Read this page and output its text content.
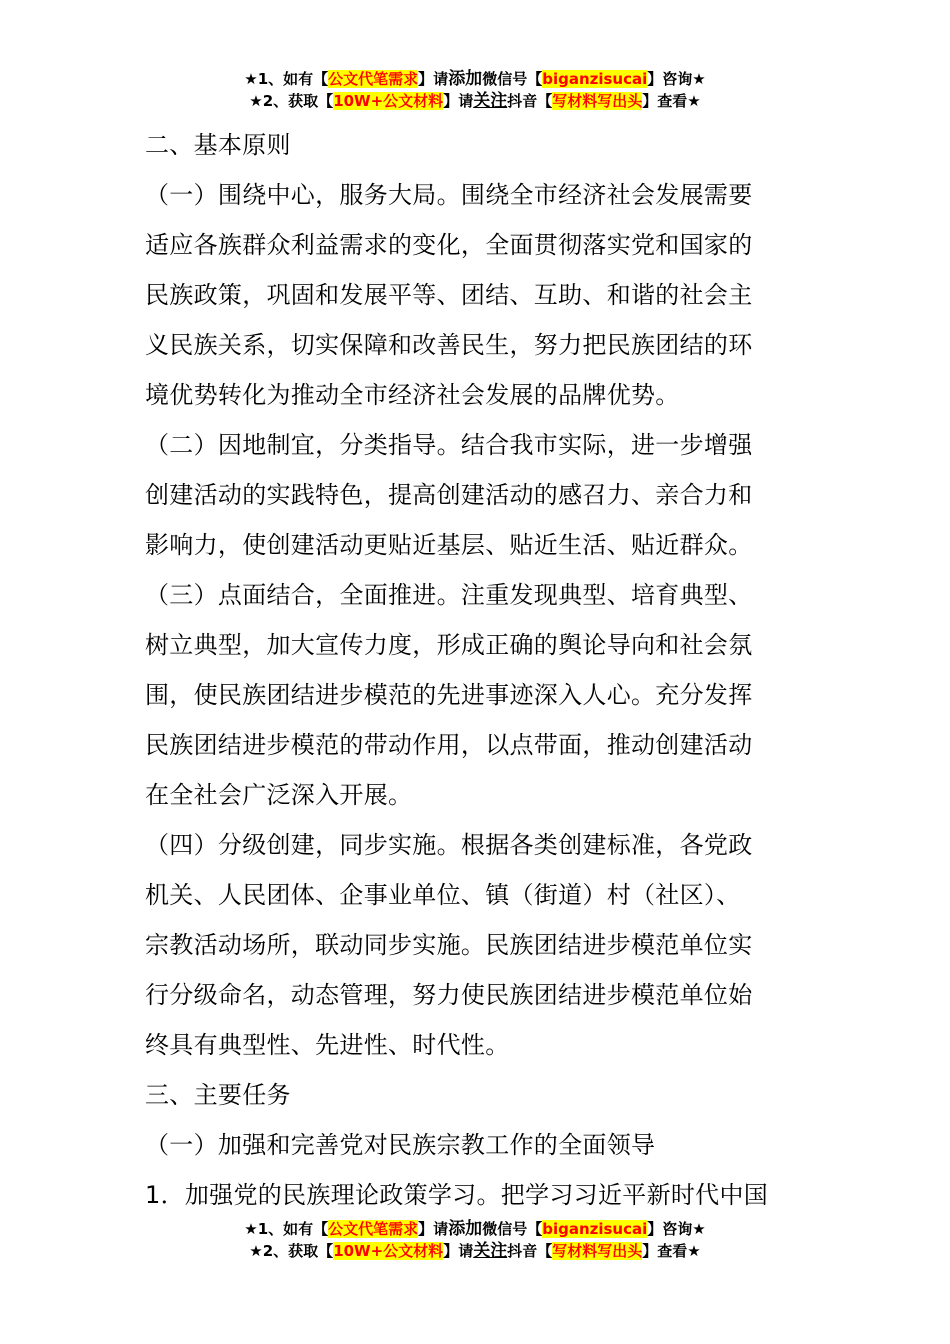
★1、如有【公文代笔需求】请添加微信号【biganzisucai】咨询★
★2、获取【10W+公文材料】请关注抖音【写材料写出头】查看★

二、基本原则

（一）围绕中心，服务大局。围绕全市经济社会发展需要

适应各族群众利益需求的变化，全面贯彻落实党和国家的

民族政策，巩固和发展平等、团结、互助、和谐的社会主

义民族关系，切实保障和改善民生，努力把民族团结的环

境优势转化为推动全市经济社会发展的品牌优势。

（二）因地制宜，分类指导。结合我市实际，进一步增强

创建活动的实践特色，提高创建活动的感召力、亲合力和

影响力，使创建活动更贴近基层、贴近生活、贴近群众。

（三）点面结合，全面推进。注重发现典型、培育典型、

树立典型，加大宣传力度，形成正确的舆论导向和社会氛

围，使民族团结进步模范的先进事迹深入人心。充分发挥

民族团结进步模范的带动作用，以点带面，推动创建活动

在全社会广泛深入开展。

（四）分级创建，同步实施。根据各类创建标准，各党政

机关、人民团体、企事业单位、镇（街道）村（社区）、

宗教活动场所，联动同步实施。民族团结进步模范单位实

行分级命名，动态管理，努力使民族团结进步模范单位始

终具有典型性、先进性、时代性。

三、主要任务

（一）加强和完善党对民族宗教工作的全面领导

1．加强党的民族理论政策学习。把学习习近平新时代中国

★1、如有【公文代笔需求】请添加微信号【biganzisucai】咨询★
★2、获取【10W+公文材料】请关注抖音【写材料写出头】查看★
